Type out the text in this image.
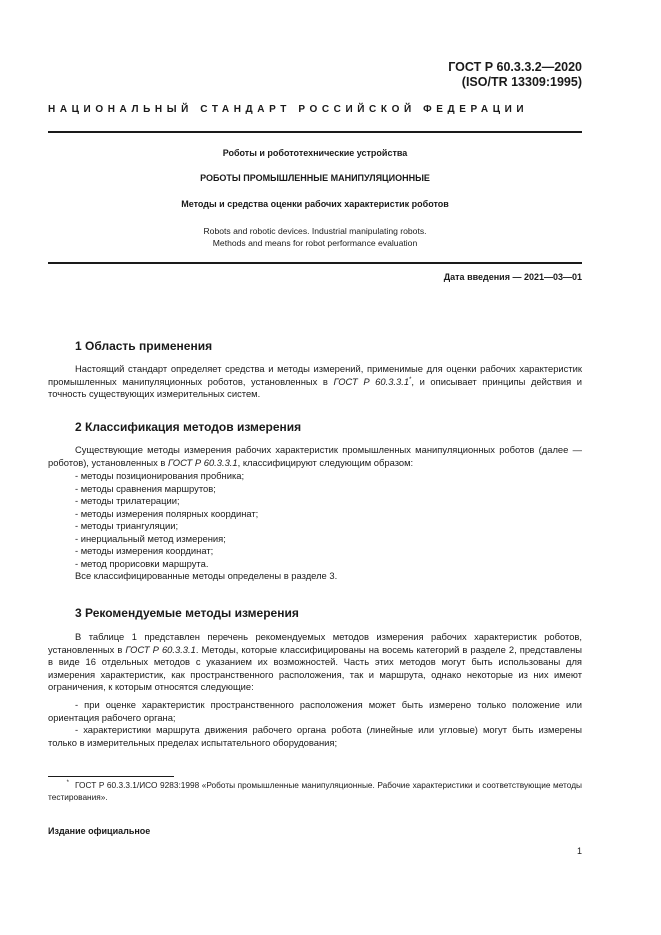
ГОСТ Р 60.3.3.2—2020
(ISO/TR 13309:1995)
НАЦИОНАЛЬНЫЙ СТАНДАРТ РОССИЙСКОЙ ФЕДЕРАЦИИ
Роботы и робототехнические устройства
РОБОТЫ ПРОМЫШЛЕННЫЕ МАНИПУЛЯЦИОННЫЕ
Методы и средства оценки рабочих характеристик роботов
Robots and robotic devices. Industrial manipulating robots.
Methods and means for robot performance evaluation
Дата введения — 2021—03—01
1 Область применения

Настоящий стандарт определяет средства и методы измерений, применимые для оценки рабочих характеристик промышленных манипуляционных роботов, установленных в ГОСТ Р 60.3.3.1*, и описывает принципы действия и точность существующих измерительных систем.

2 Классификация методов измерения

Существующие методы измерения рабочих характеристик промышленных манипуляционных роботов (далее — роботов), установленных в ГОСТ Р 60.3.3.1, классифицируют следующим образом:

- методы позиционирования пробника;
- методы сравнения маршрутов;
- методы трилатерации;
- методы измерения полярных координат;
- методы триангуляции;
- инерциальный метод измерения;
- методы измерения координат;
- метод прорисовки маршрута.
Все классифицированные методы определены в разделе 3.
3 Рекомендуемые методы измерения

В таблице 1 представлен перечень рекомендуемых методов измерения рабочих характеристик роботов, установленных в ГОСТ Р 60.3.3.1. Методы, которые классифицированы на восемь категорий в разделе 2, представлены в виде 16 отдельных методов с указанием их возможностей. Часть этих методов могут быть использованы для измерения характеристик, как пространственного расположения, так и маршрута, однако некоторые из них имеют ограничения, к которым относятся следующие:

- при оценке характеристик пространственного расположения может быть измерено только положение или ориентация рабочего органа;

- характеристики маршрута движения рабочего органа робота (линейные или угловые) могут быть измерены только в измерительных пределах испытательного оборудования;

* ГОСТ Р 60.3.3.1/ИСО 9283:1998 «Роботы промышленные манипуляционные. Рабочие характеристики и соответствующие методы тестирования».

Издание официальное
1
